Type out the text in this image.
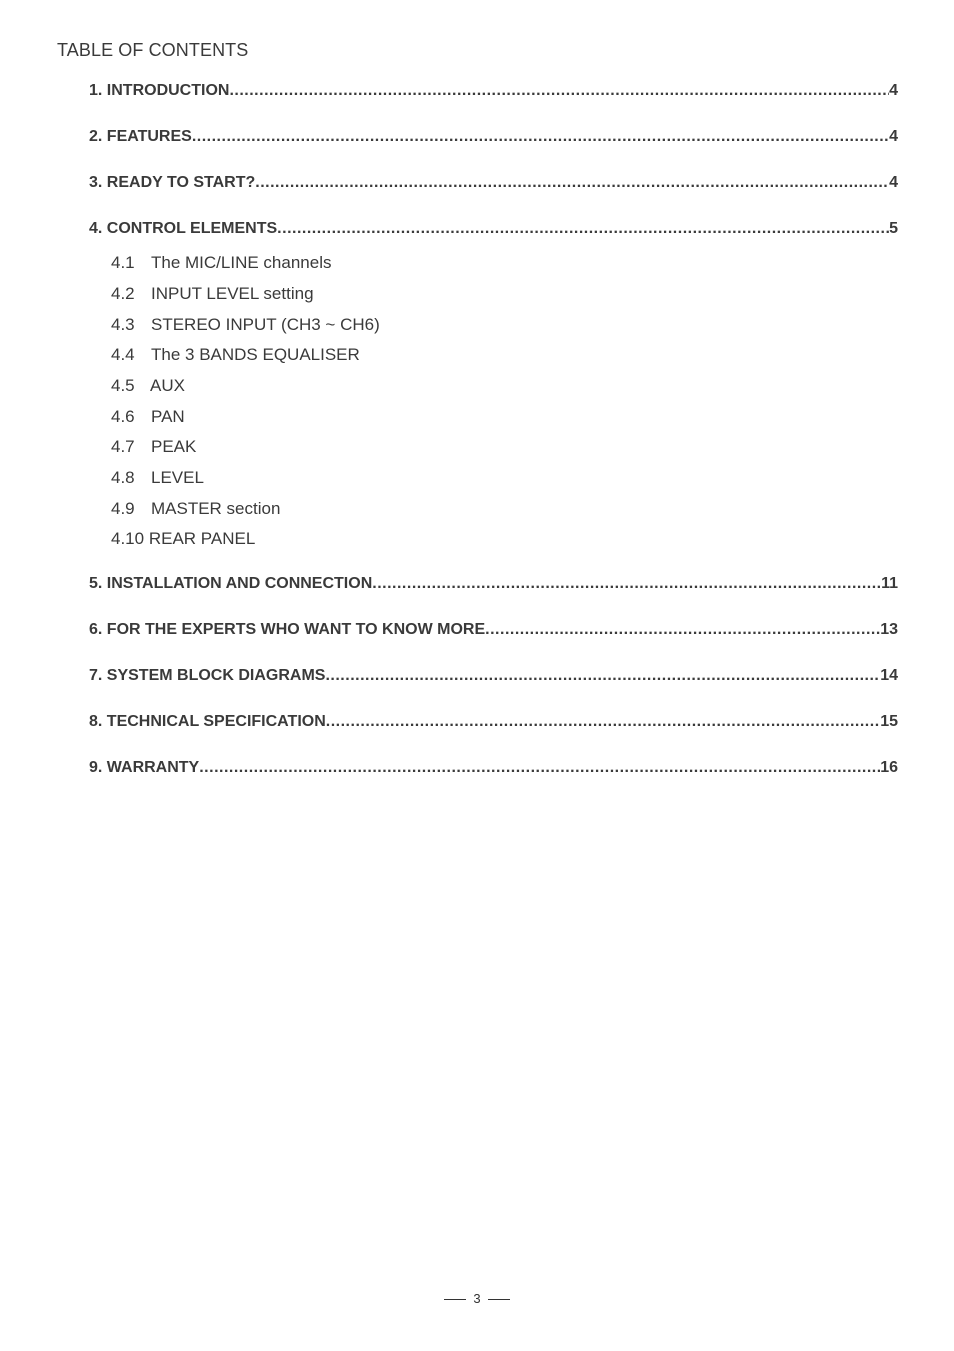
TABLE OF CONTENTS
1. INTRODUCTION .....	4
2. FEATURES .....	4
3. READY TO START? .....	4
4. CONTROL ELEMENTS .....	5
4.1 The MIC/LINE channels
4.2 INPUT LEVEL setting
4.3 STEREO INPUT (CH3 ~ CH6)
4.4 The 3 BANDS EQUALISER
4.5 AUX
4.6 PAN
4.7 PEAK
4.8 LEVEL
4.9 MASTER section
4.10 REAR PANEL
5. INSTALLATION AND CONNECTION .....	11
6. FOR THE EXPERTS WHO WANT TO KNOW MORE .....	13
7. SYSTEM BLOCK DIAGRAMS .....	14
8. TECHNICAL SPECIFICATION .....	15
9. WARRANTY .....	16
3
